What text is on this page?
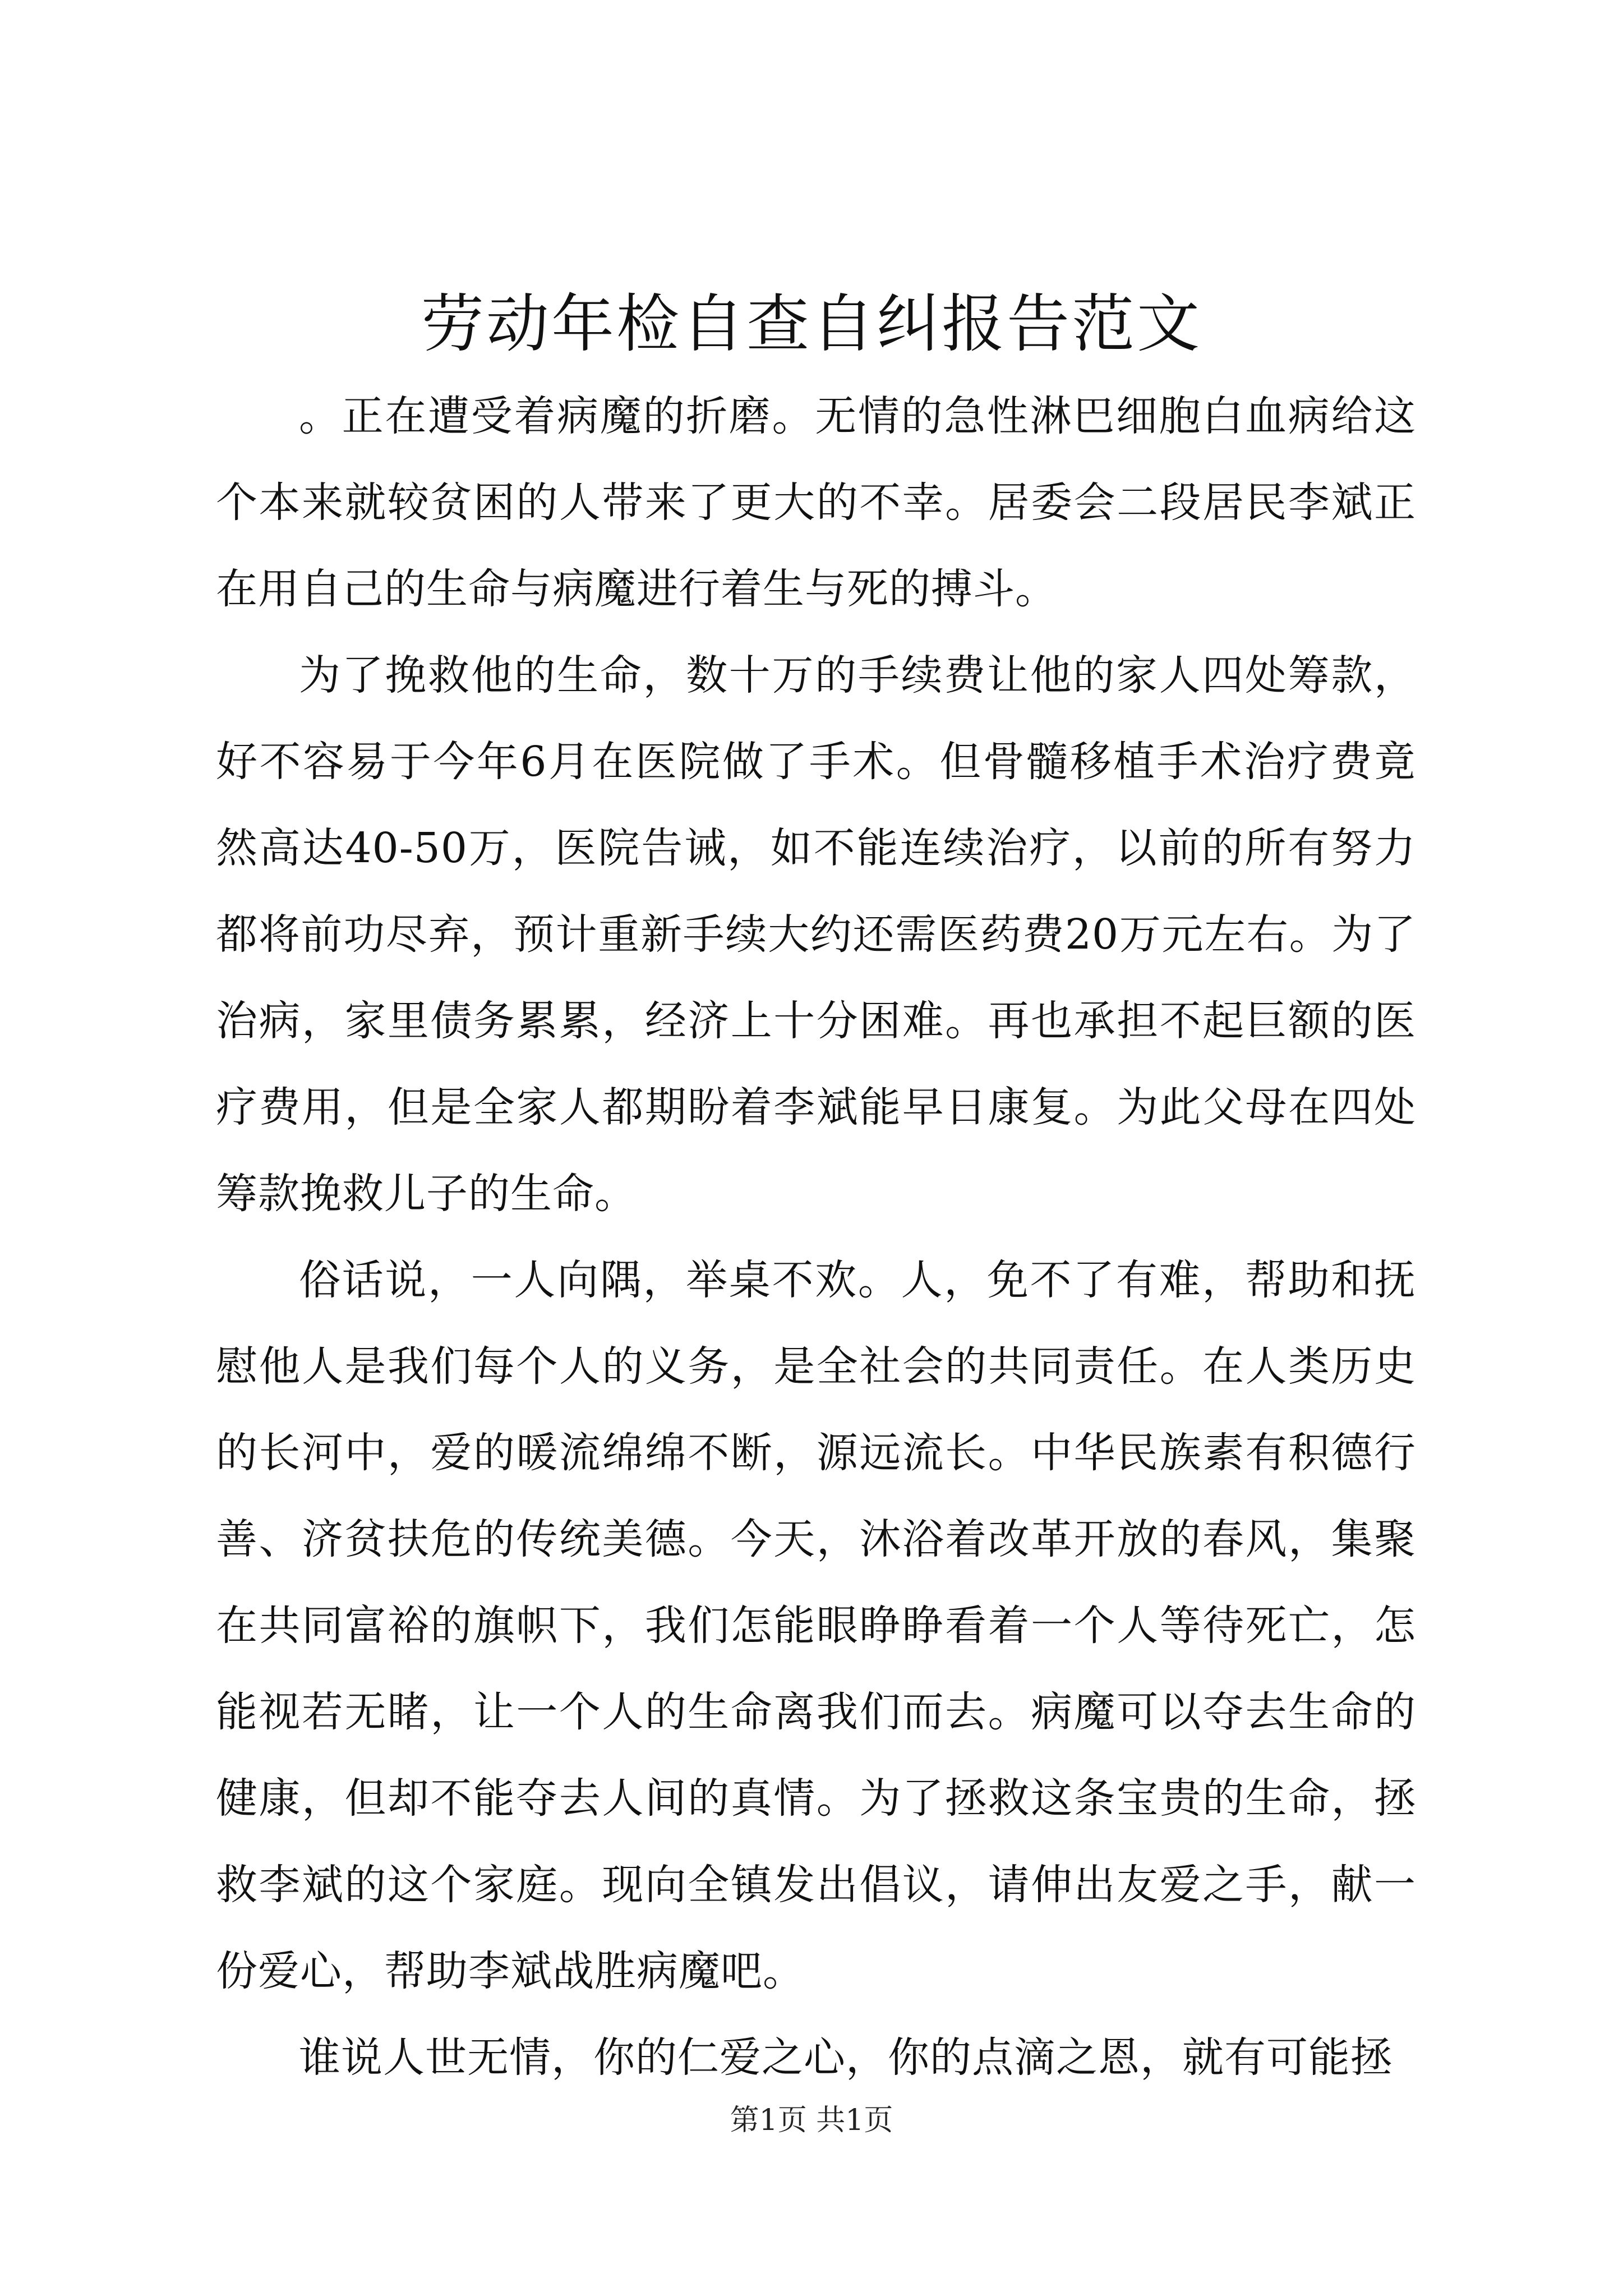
劳动年检自查自纠报告范文

。正在遭受着病魔的折磨。无情的急性淋巴细胞白血病给这个本来就较贫困的人带来了更大的不幸。居委会二段居民李斌正在用自己的生命与病魔进行着生与死的搏斗。

为了挽救他的生命，数十万的手续费让他的家人四处筹款，好不容易于今年6月在医院做了手术。但骨髓移植手术治疗费竟然高达40-50万，医院告诫，如不能连续治疗，以前的所有努力都将前功尽弃，预计重新手续大约还需医药费20万元左右。为了治病，家里债务累累，经济上十分困难。再也承担不起巨额的医疗费用，但是全家人都期盼着李斌能早日康复。为此父母在四处筹款挽救儿子的生命。

俗话说，一人向隅，举桌不欢。人，免不了有难，帮助和抚慰他人是我们每个人的义务，是全社会的共同责任。在人类历史的长河中，爱的暖流绵绵不断，源远流长。中华民族素有积德行善、济贫扶危的传统美德。今天，沐浴着改革开放的春风，集聚在共同富裕的旗帜下，我们怎能眼睁睁看着一个人等待死亡，怎能视若无睹，让一个人的生命离我们而去。病魔可以夺去生命的健康，但却不能夺去人间的真情。为了拯救这条宝贵的生命，拯救李斌的这个家庭。现向全镇发出倡议，请伸出友爱之手，献一份爱心，帮助李斌战胜病魔吧。

谁说人世无情，你的仁爱之心，你的点滴之恩，就有可能拯

第1页 共1页
